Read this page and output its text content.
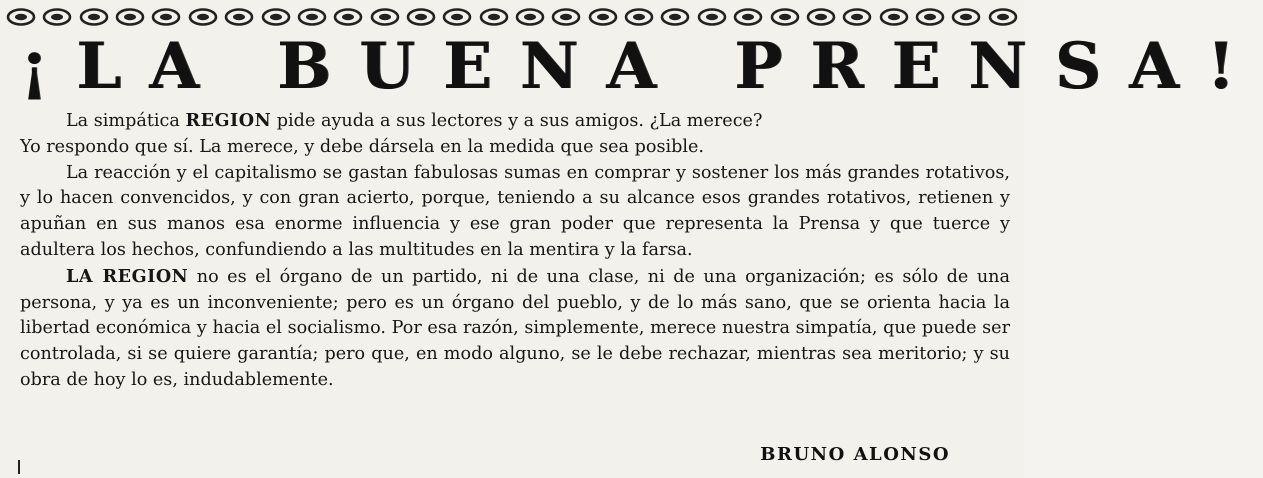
¡LA BUENA PRENSA!

La simpática REGION pide ayuda a sus lectores y a sus amigos. ¿La merece?

Yo respondo que sí. La merece, y debe dársela en la medida que sea posible.

La reacción y el capitalismo se gastan fabulosas sumas en comprar y sostener los más grandes rotativos, y lo hacen convencidos, y con gran acierto, porque, teniendo a su alcance esos grandes rotativos, retienen y apuñan en sus manos esa enorme influencia y ese gran poder que representa la Prensa y que tuerce y adultera los hechos, confundiendo a las multitudes en la mentira y la farsa.

LA REGION no es el órgano de un partido, ni de una clase, ni de una organización; es sólo de una persona, y ya es un inconveniente; pero es un órgano del pueblo, y de lo más sano, que se orienta hacia la libertad económica y hacia el socialismo. Por esa razón, simplemente, merece nuestra simpatía, que puede ser controlada, si se quiere garantía; pero que, en modo alguno, se le debe rechazar, mientras sea meritorio; y su obra de hoy lo es, indudablemente.

BRUNO ALONSO
